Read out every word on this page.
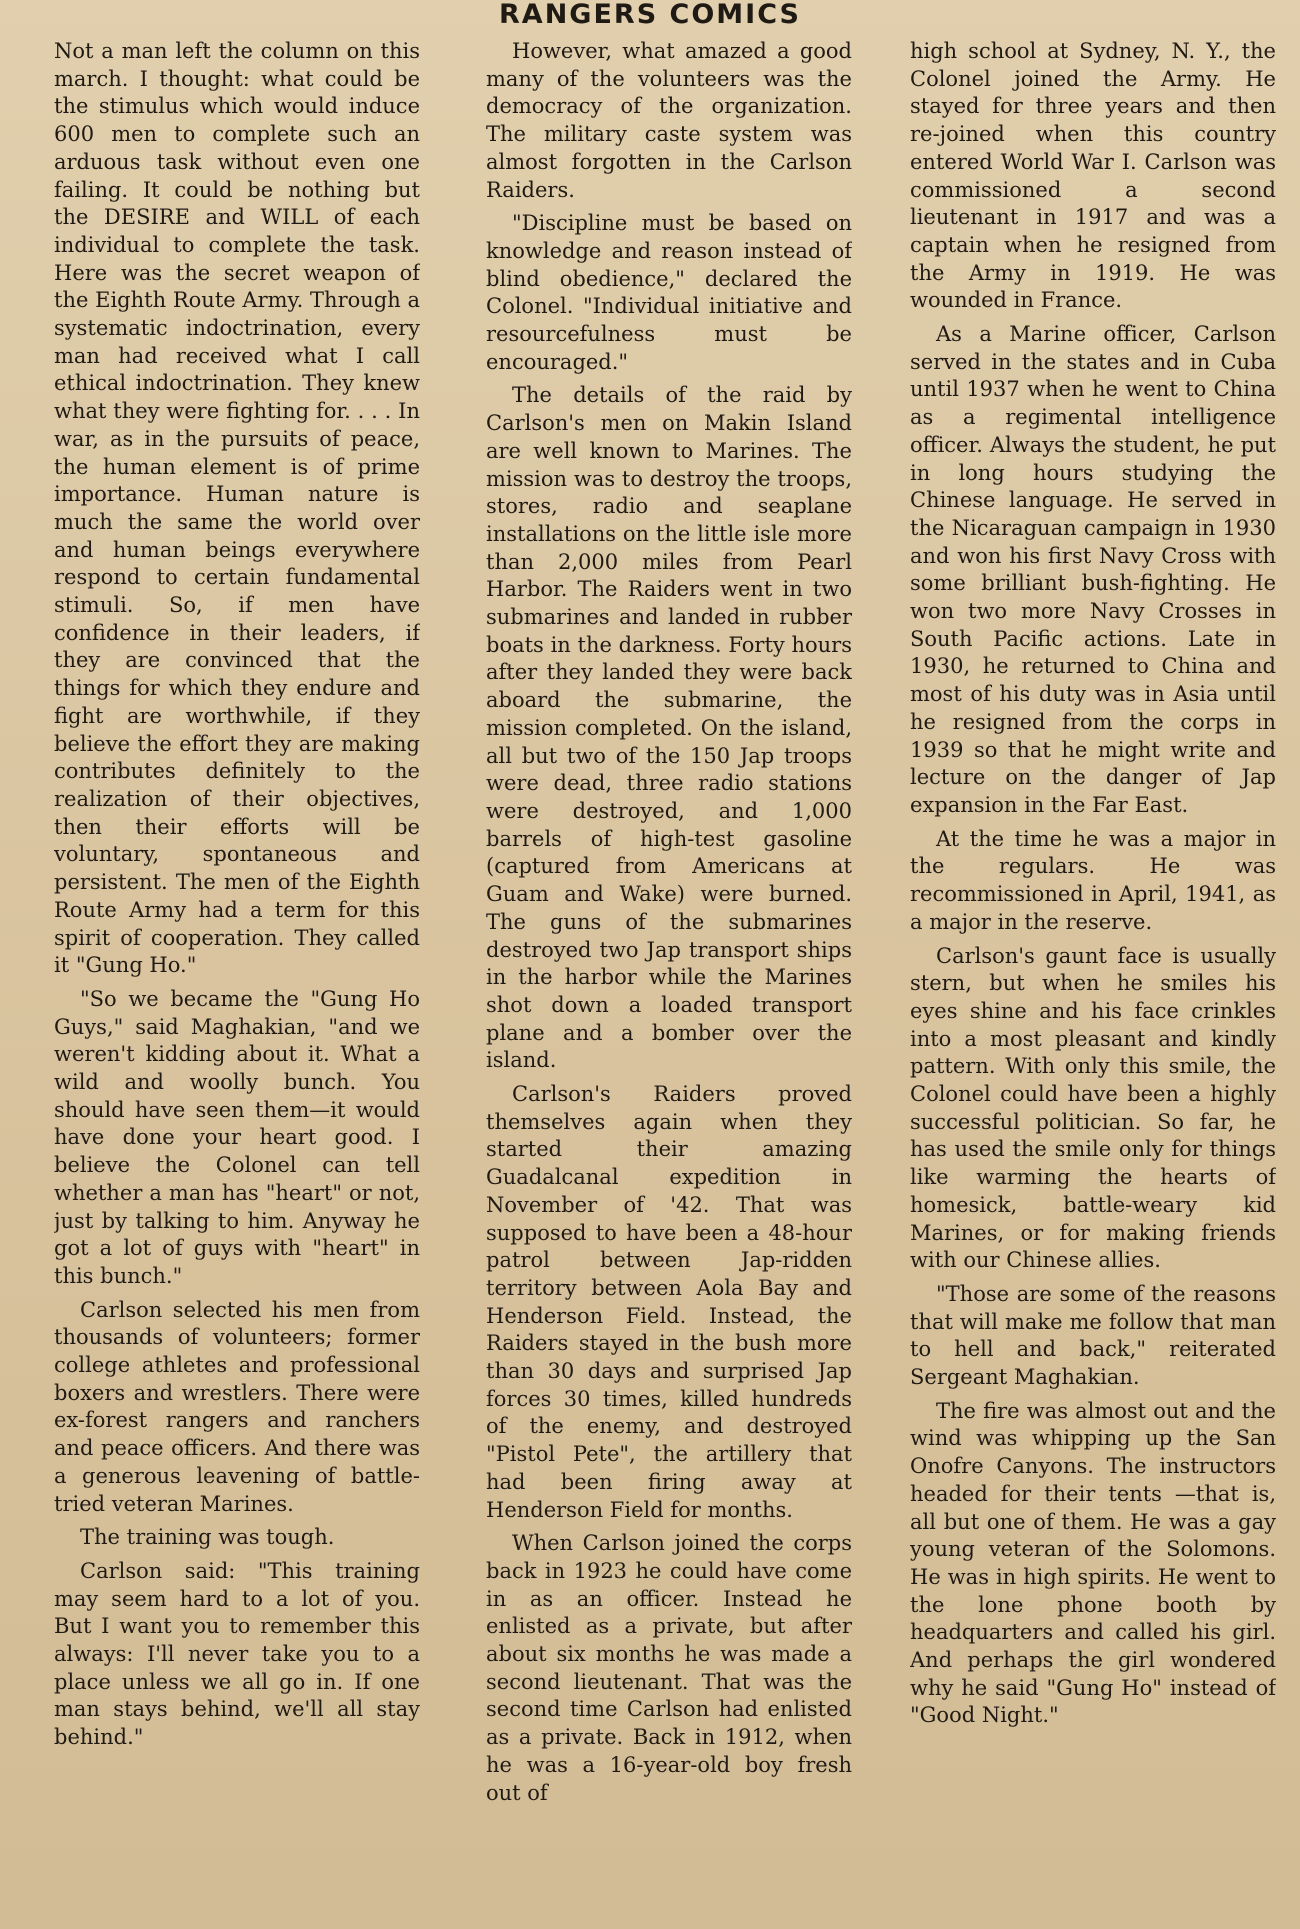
RANGERS COMICS

Not a man left the column on this march. I thought: what could be the stimulus which would induce 600 men to complete such an arduous task without even one failing. It could be nothing but the DESIRE and WILL of each individual to complete the task. Here was the secret weapon of the Eighth Route Army. Through a systematic indoctrination, every man had received what I call ethical indoctrination. They knew what they were fighting for. . . . In war, as in the pursuits of peace, the human element is of prime importance. Human nature is much the same the world over and human beings everywhere respond to certain fundamental stimuli. So, if men have confidence in their leaders, if they are convinced that the things for which they endure and fight are worthwhile, if they believe the effort they are making contributes definitely to the realization of their objectives, then their efforts will be voluntary, spontaneous and persistent. The men of the Eighth Route Army had a term for this spirit of cooperation. They called it "Gung Ho."

"So we became the "Gung Ho Guys," said Maghakian, "and we weren't kidding about it. What a wild and woolly bunch. You should have seen them—it would have done your heart good. I believe the Colonel can tell whether a man has "heart" or not, just by talking to him. Anyway he got a lot of guys with "heart" in this bunch."

Carlson selected his men from thousands of volunteers; former college athletes and professional boxers and wrestlers. There were ex-forest rangers and ranchers and peace officers. And there was a generous leavening of battle-tried veteran Marines.

The training was tough.

Carlson said: "This training may seem hard to a lot of you. But I want you to remember this always: I'll never take you to a place unless we all go in. If one man stays behind, we'll all stay behind."

However, what amazed a good many of the volunteers was the democracy of the organization. The military caste system was almost forgotten in the Carlson Raiders.

"Discipline must be based on knowledge and reason instead of blind obedience," declared the Colonel. "Individual initiative and resourcefulness must be encouraged."

The details of the raid by Carlson's men on Makin Island are well known to Marines. The mission was to destroy the troops, stores, radio and seaplane installations on the little isle more than 2,000 miles from Pearl Harbor. The Raiders went in two submarines and landed in rubber boats in the darkness. Forty hours after they landed they were back aboard the submarine, the mission completed. On the island, all but two of the 150 Jap troops were dead, three radio stations were destroyed, and 1,000 barrels of high-test gasoline (captured from Americans at Guam and Wake) were burned. The guns of the submarines destroyed two Jap transport ships in the harbor while the Marines shot down a loaded transport plane and a bomber over the island.

Carlson's Raiders proved themselves again when they started their amazing Guadalcanal expedition in November of '42. That was supposed to have been a 48-hour patrol between Jap-ridden territory between Aola Bay and Henderson Field. Instead, the Raiders stayed in the bush more than 30 days and surprised Jap forces 30 times, killed hundreds of the enemy, and destroyed "Pistol Pete", the artillery that had been firing away at Henderson Field for months.

When Carlson joined the corps back in 1923 he could have come in as an officer. Instead he enlisted as a private, but after about six months he was made a second lieutenant. That was the second time Carlson had enlisted as a private. Back in 1912, when he was a 16-year-old boy fresh out of

high school at Sydney, N. Y., the Colonel joined the Army. He stayed for three years and then re-joined when this country entered World War I. Carlson was commissioned a second lieutenant in 1917 and was a captain when he resigned from the Army in 1919. He was wounded in France.

As a Marine officer, Carlson served in the states and in Cuba until 1937 when he went to China as a regimental intelligence officer. Always the student, he put in long hours studying the Chinese language. He served in the Nicaraguan campaign in 1930 and won his first Navy Cross with some brilliant bush-fighting. He won two more Navy Crosses in South Pacific actions. Late in 1930, he returned to China and most of his duty was in Asia until he resigned from the corps in 1939 so that he might write and lecture on the danger of Jap expansion in the Far East.

At the time he was a major in the regulars. He was recommissioned in April, 1941, as a major in the reserve.

Carlson's gaunt face is usually stern, but when he smiles his eyes shine and his face crinkles into a most pleasant and kindly pattern. With only this smile, the Colonel could have been a highly successful politician. So far, he has used the smile only for things like warming the hearts of homesick, battle-weary kid Marines, or for making friends with our Chinese allies.

"Those are some of the reasons that will make me follow that man to hell and back," reiterated Sergeant Maghakian.

The fire was almost out and the wind was whipping up the San Onofre Canyons. The instructors headed for their tents —that is, all but one of them. He was a gay young veteran of the Solomons. He was in high spirits. He went to the lone phone booth by headquarters and called his girl. And perhaps the girl wondered why he said "Gung Ho" instead of "Good Night."
